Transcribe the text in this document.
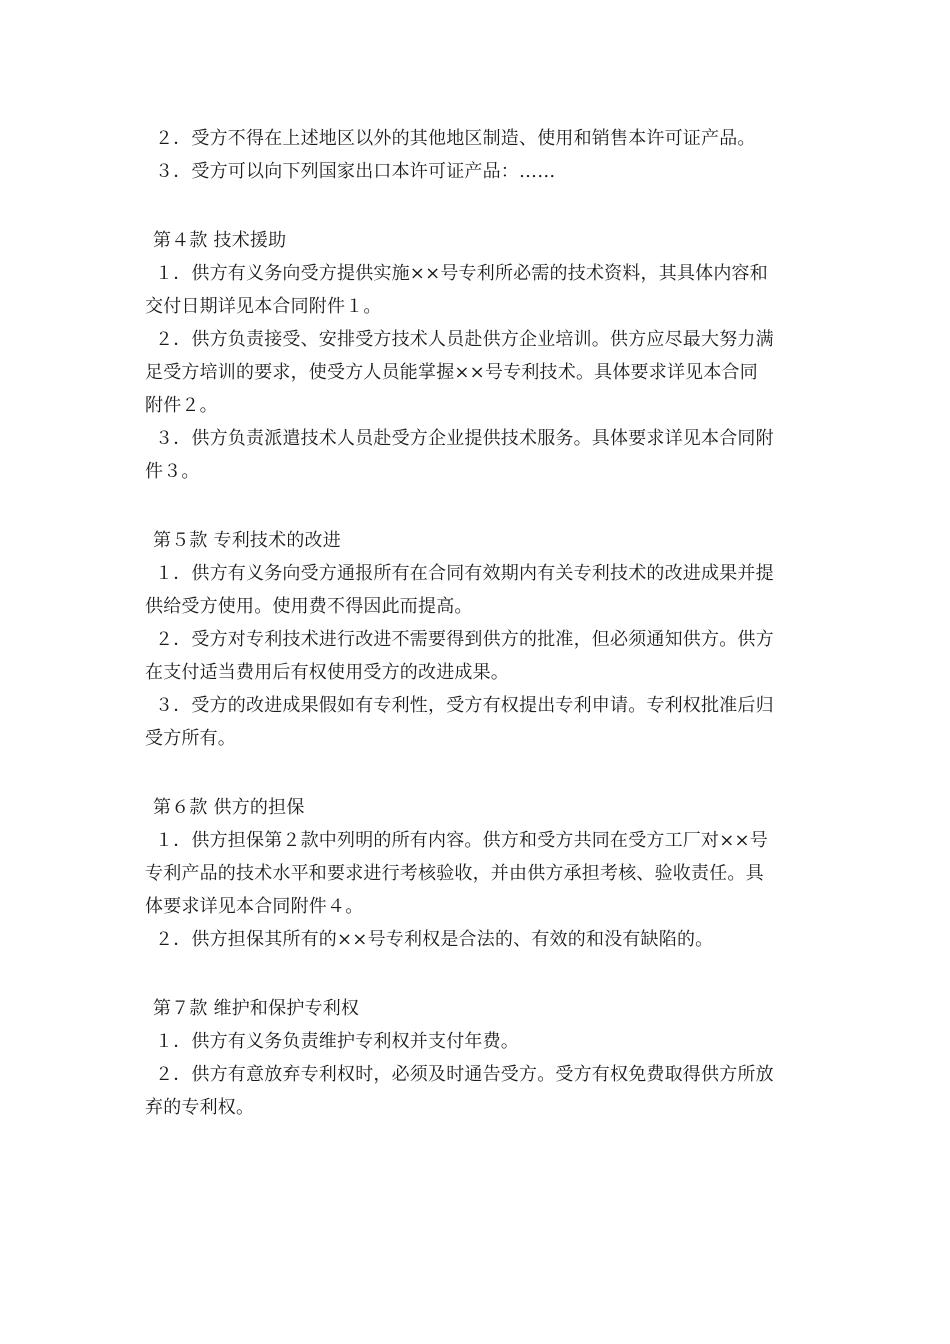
２．受方不得在上述地区以外的其他地区制造、使用和销售本许可证产品。
３．受方可以向下列国家出口本许可证产品：……
第４款 技术援助
１．供方有义务向受方提供实施××号专利所必需的技术资料，其具体内容和
交付日期详见本合同附件１。
２．供方负责接受、安排受方技术人员赴供方企业培训。供方应尽最大努力满
足受方培训的要求，使受方人员能掌握××号专利技术。具体要求详见本合同
附件２。
３．供方负责派遣技术人员赴受方企业提供技术服务。具体要求详见本合同附
件３。
第５款 专利技术的改进
１．供方有义务向受方通报所有在合同有效期内有关专利技术的改进成果并提
供给受方使用。使用费不得因此而提高。
２．受方对专利技术进行改进不需要得到供方的批准，但必须通知供方。供方
在支付适当费用后有权使用受方的改进成果。
３．受方的改进成果假如有专利性，受方有权提出专利申请。专利权批准后归
受方所有。
第６款 供方的担保
１．供方担保第２款中列明的所有内容。供方和受方共同在受方工厂对××号
专利产品的技术水平和要求进行考核验收，并由供方承担考核、验收责任。具
体要求详见本合同附件４。
２．供方担保其所有的××号专利权是合法的、有效的和没有缺陷的。
第７款 维护和保护专利权
１．供方有义务负责维护专利权并支付年费。
２．供方有意放弃专利权时，必须及时通告受方。受方有权免费取得供方所放
弃的专利权。
